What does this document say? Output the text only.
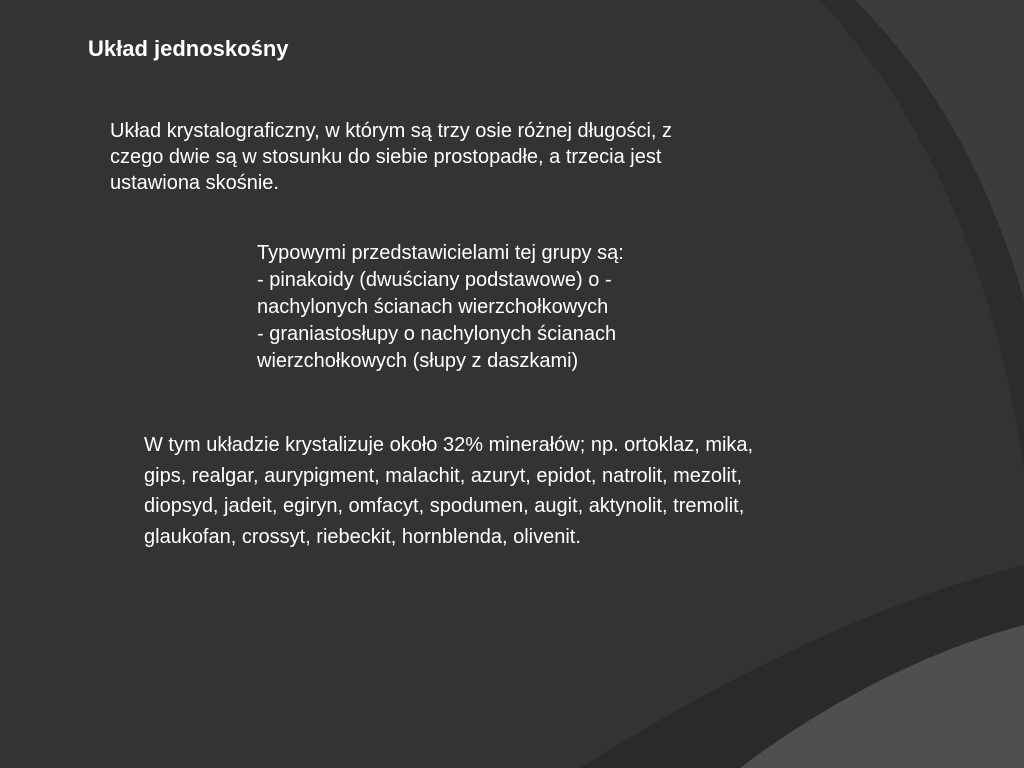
Układ jednoskośny

Układ krystalograficzny, w którym są trzy osie różnej długości, z
czego dwie są w stosunku do siebie prostopadłe, a trzecia jest
ustawiona skośnie.

Typowymi przedstawicielami tej grupy są:
- pinakoidy (dwuściany podstawowe) o -
nachylonych ścianach wierzchołkowych
- graniastosłupy o nachylonych ścianach
wierzchołkowych (słupy z daszkami)

W tym układzie krystalizuje około 32% minerałów; np. ortoklaz, mika,
gips, realgar, aurypigment, malachit, azuryt, epidot, natrolit, mezolit,
diopsyd, jadeit, egiryn, omfacyt, spodumen, augit, aktynolit, tremolit,
glaukofan, crossyt, riebeckit, hornblenda, olivenit.
